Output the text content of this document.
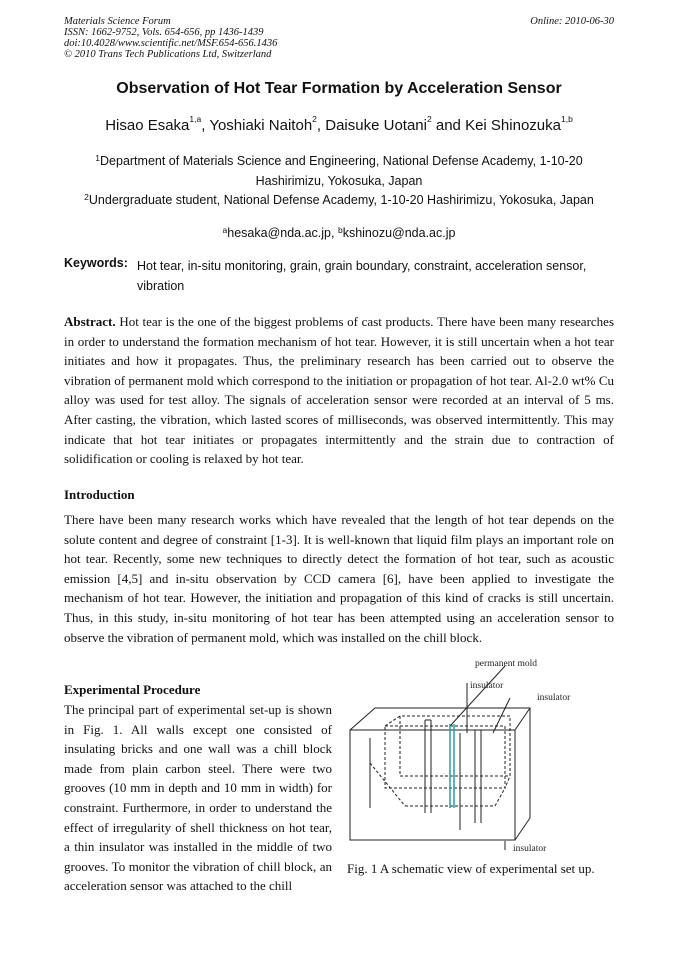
Materials Science Forum
ISSN: 1662-9752, Vols. 654-656, pp 1436-1439
doi:10.4028/www.scientific.net/MSF.654-656.1436
© 2010 Trans Tech Publications Ltd, Switzerland
Online: 2010-06-30
Observation of Hot Tear Formation by Acceleration Sensor
Hisao Esaka$^{1,a}$, Yoshiaki Naitoh$^2$, Daisuke Uotani$^2$ and Kei Shinozuka$^{1,b}$
$^1$Department of Materials Science and Engineering, National Defense Academy, 1-10-20
Hashirimizu, Yokosuka, Japan
$^2$Undergraduate student, National Defense Academy, 1-10-20 Hashirimizu, Yokosuka, Japan
$^a$hesaka@nda.ac.jp, $^b$kshinozu@nda.ac.jp
Keywords: Hot tear, in-situ monitoring, grain, grain boundary, constraint, acceleration sensor, vibration
Abstract. Hot tear is the one of the biggest problems of cast products. There have been many researches in order to understand the formation mechanism of hot tear. However, it is still uncertain when a hot tear initiates and how it propagates. Thus, the preliminary research has been carried out to observe the vibration of permanent mold which correspond to the initiation or propagation of hot tear. Al-2.0 wt% Cu alloy was used for test alloy. The signals of acceleration sensor were recorded at an interval of 5 ms. After casting, the vibration, which lasted scores of milliseconds, was observed intermittently. This may indicate that hot tear initiates or propagates intermittently and the strain due to contraction of solidification or cooling is relaxed by hot tear.
Introduction
There have been many research works which have revealed that the length of hot tear depends on the solute content and degree of constraint [1-3]. It is well-known that liquid film plays an important role on hot tear. Recently, some new techniques to directly detect the formation of hot tear, such as acoustic emission [4,5] and in-situ observation by CCD camera [6], have been applied to investigate the mechanism of hot tear. However, the initiation and propagation of this kind of cracks is still uncertain. Thus, in this study, in-situ monitoring of hot tear has been attempted using an acceleration sensor to observe the vibration of permanent mold, which was installed on the chill block.
Experimental Procedure
The principal part of experimental set-up is shown in Fig. 1. All walls except one consisted of insulating bricks and one wall was a chill block made from plain carbon steel. There were two grooves (10 mm in depth and 10 mm in width) for constraint. Furthermore, in order to understand the effect of irregularity of shell thickness on hot tear, a thin insulator was installed in the middle of two grooves. To monitor the vibration of chill block, an acceleration sensor was attached to the chill
permanent mold
insulator
insulator
insulator
Fig. 1 A schematic view of experimental set up.
